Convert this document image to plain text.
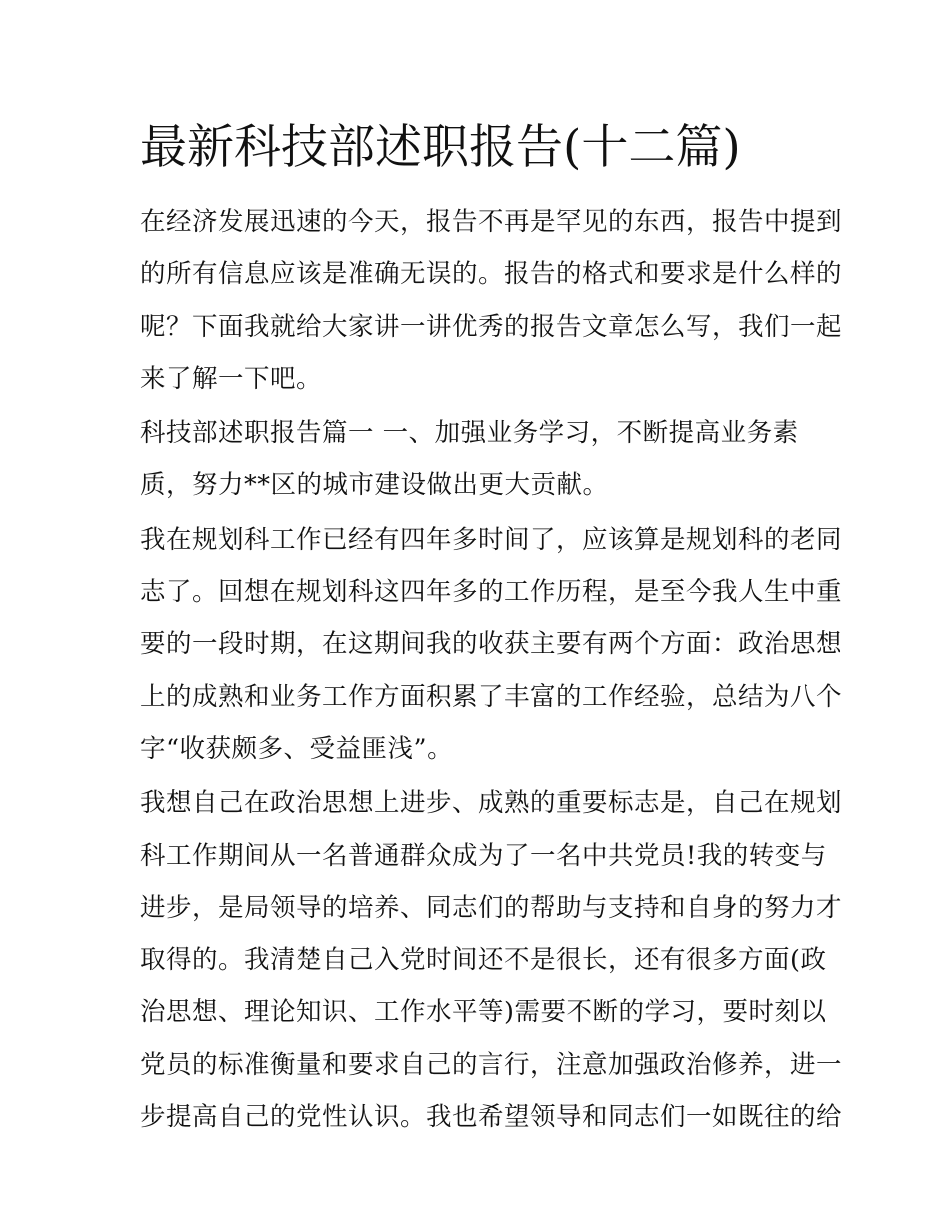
最新科技部述职报告(十二篇)

在经济发展迅速的今天，报告不再是罕见的东西，报告中提到
的所有信息应该是准确无误的。报告的格式和要求是什么样的
呢？下面我就给大家讲一讲优秀的报告文章怎么写，我们一起
来了解一下吧。

科技部述职报告篇一 一、加强业务学习，不断提高业务素
质，努力**区的城市建设做出更大贡献。

我在规划科工作已经有四年多时间了，应该算是规划科的老同
志了。回想在规划科这四年多的工作历程，是至今我人生中重
要的一段时期，在这期间我的收获主要有两个方面：政治思想
上的成熟和业务工作方面积累了丰富的工作经验，总结为八个
字“收获颇多、受益匪浅”。

我想自己在政治思想上进步、成熟的重要标志是，自己在规划
科工作期间从一名普通群众成为了一名中共党员!我的转变与
进步，是局领导的培养、同志们的帮助与支持和自身的努力才
取得的。我清楚自己入党时间还不是很长，还有很多方面(政
治思想、理论知识、工作水平等)需要不断的学习，要时刻以
党员的标准衡量和要求自己的言行，注意加强政治修养，进一
步提高自己的党性认识。我也希望领导和同志们一如既往的给
